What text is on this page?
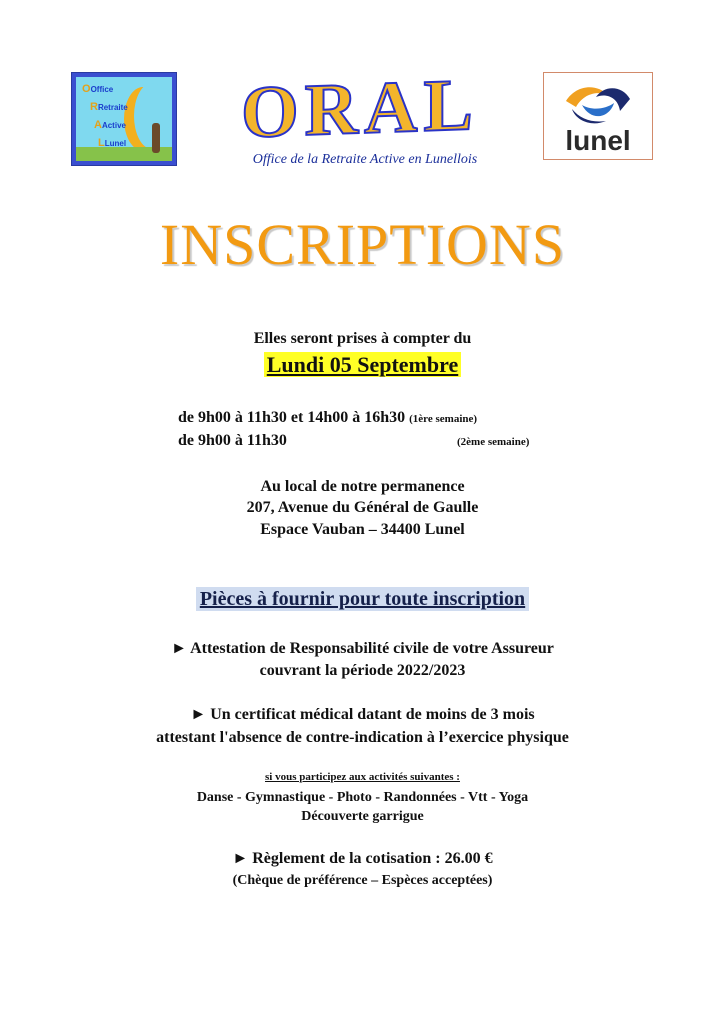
OOffice
RRetraite
AActive
LLunel	ORAL
Office de la Retraite Active en Lunellois
lunel
INSCRIPTIONS
Elles seront prises à compter du
Lundi 05 Septembre
de 9h00 à 11h30 et 14h00 à 16h30 (1ère semaine)
de 9h00 à 11h30	(2ème semaine)
Au local de notre permanence
207, Avenue du Général de Gaulle
Espace Vauban – 34400 Lunel
Pièces à fournir pour toute inscription
► Attestation de Responsabilité civile de votre Assureur
couvrant la période 2022/2023
► Un certificat médical datant de moins de 3 mois
attestant l'absence de contre-indication à l’exercice physique
si vous participez aux activités suivantes :
Danse - Gymnastique - Photo - Randonnées - Vtt - Yoga
Découverte garrigue
► Règlement de la cotisation : 26.00 €
(Chèque de préférence – Espèces acceptées)
